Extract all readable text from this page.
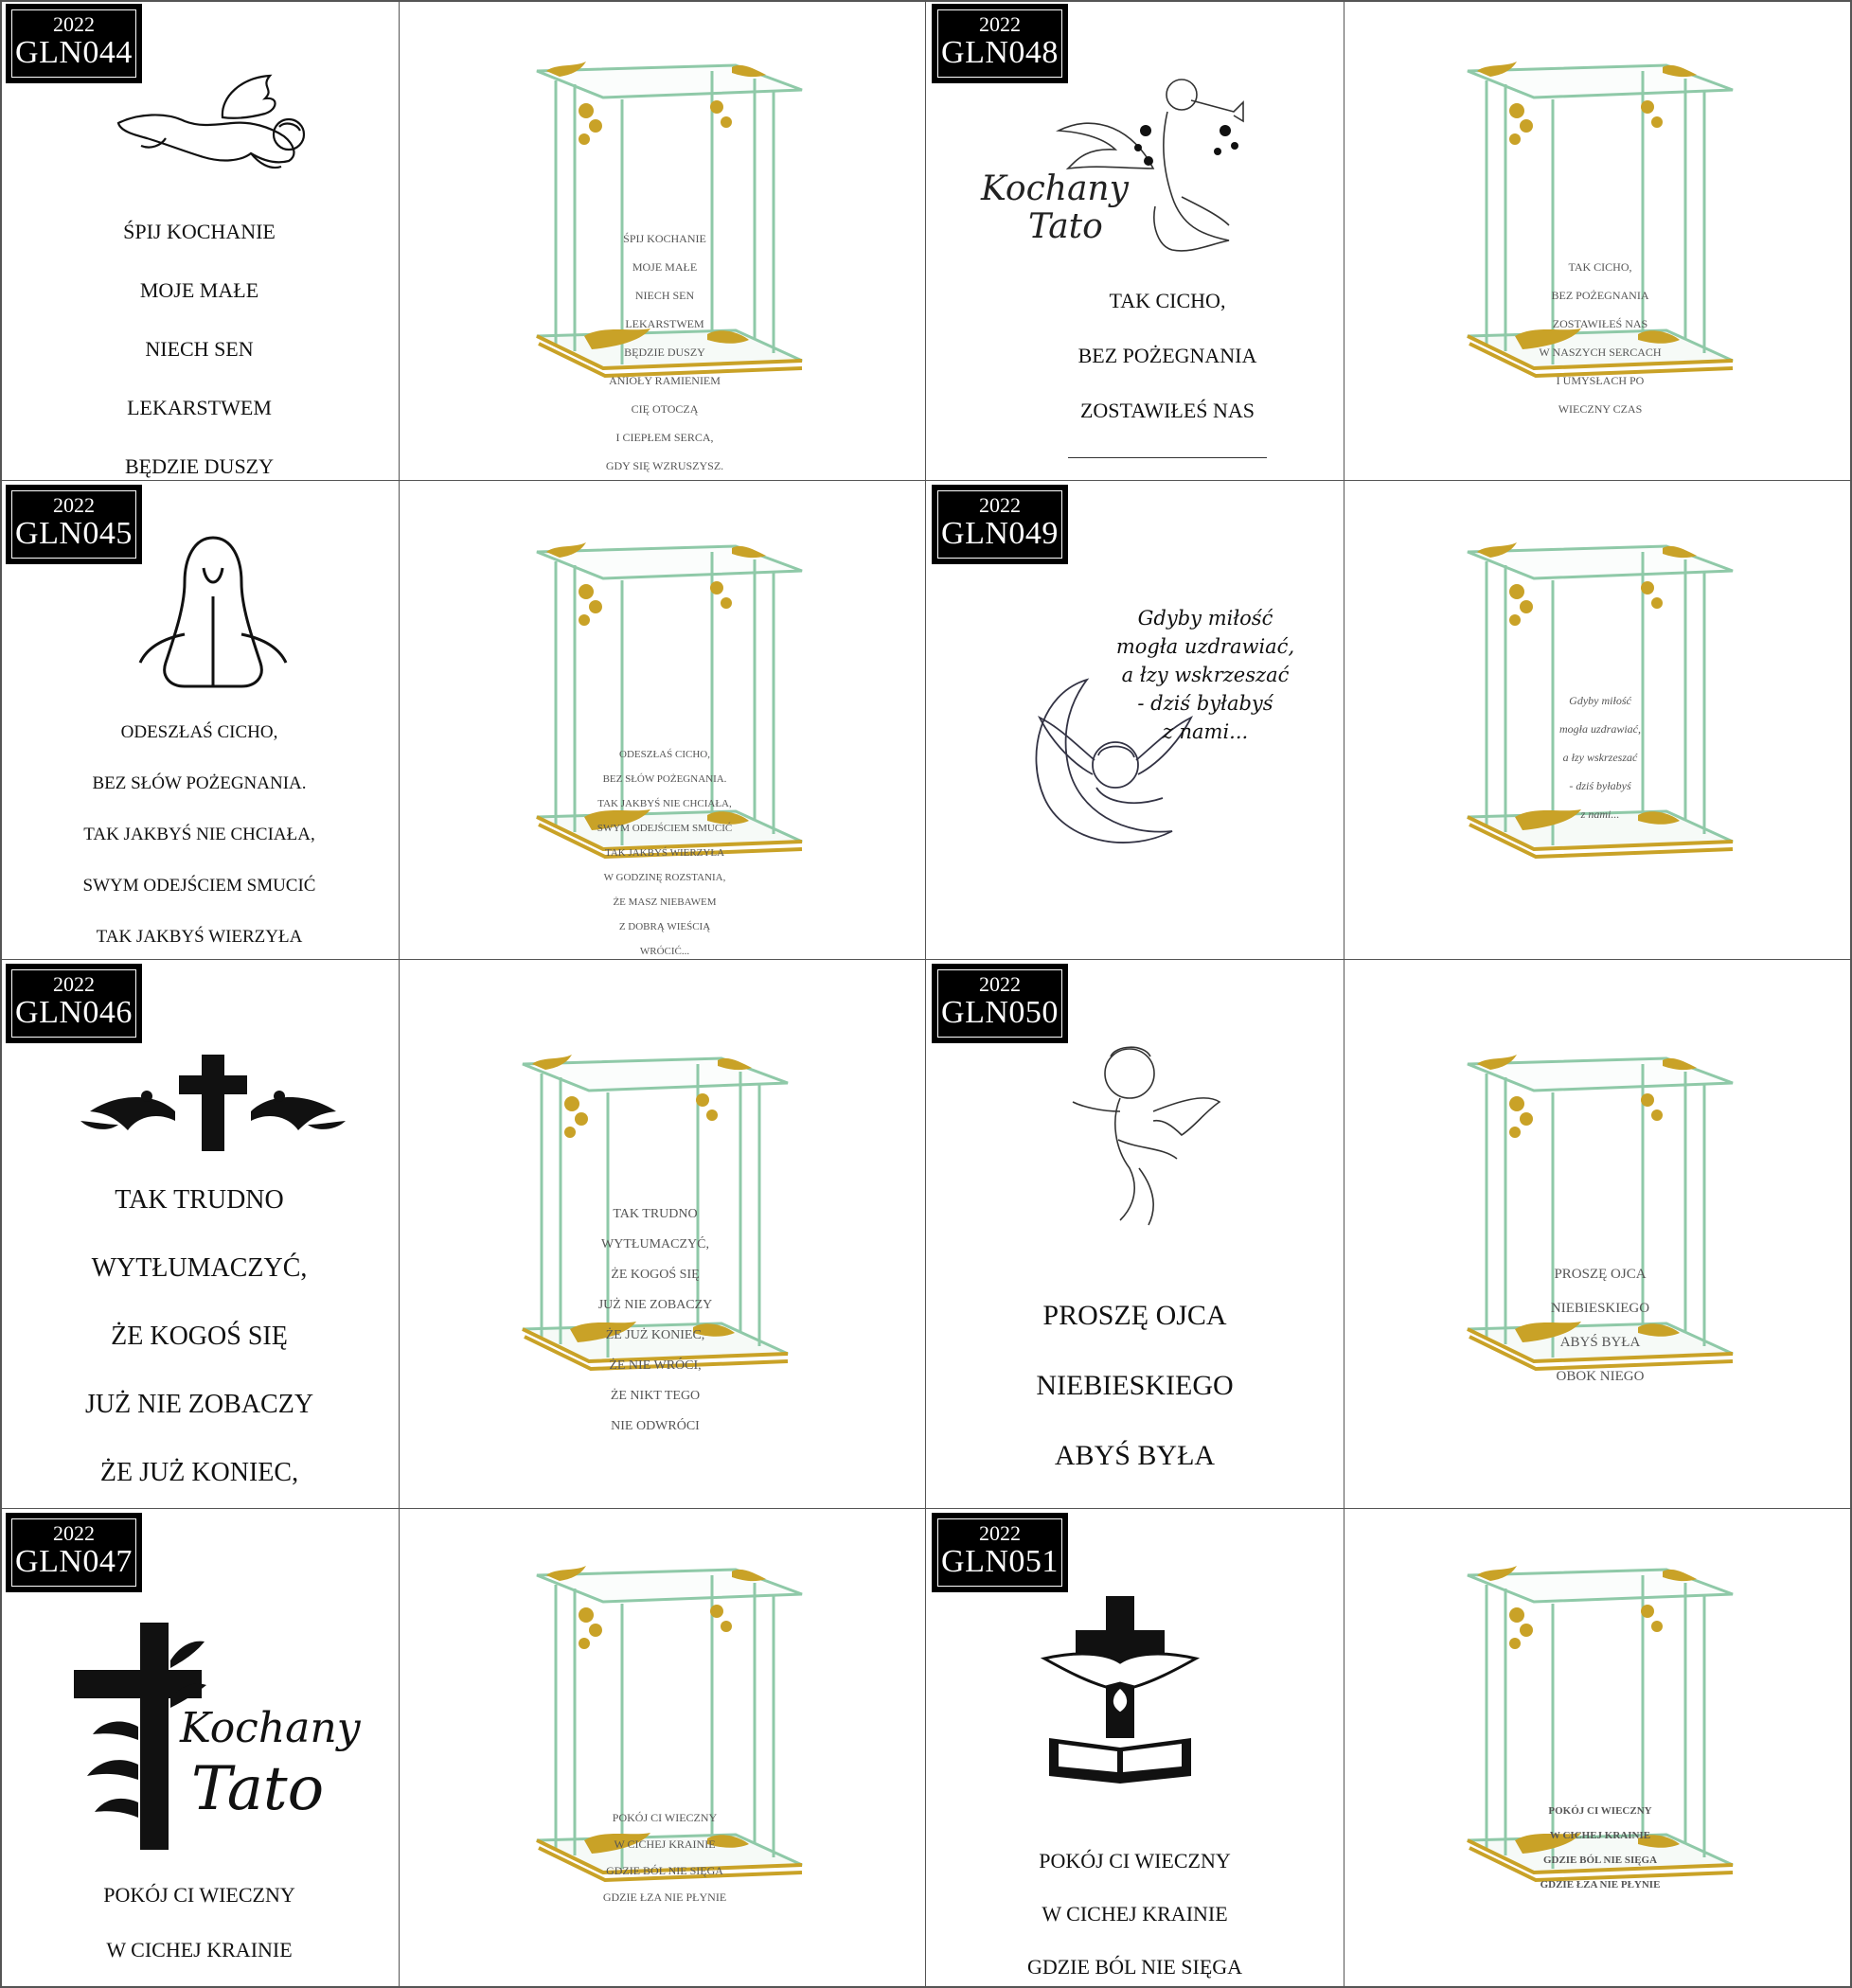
2022
GLN044

ŚPIJ KOCHANIE

MOJE MAŁE

NIECH SEN

LEKARSTWEM

BĘDZIE DUSZY

ŚPIJ KOCHANIE

MOJE MAŁE

NIECH SEN

LEKARSTWEM

BĘDZIE DUSZY

ANIOŁY RAMIENIEM

CIĘ OTOCZĄ

I CIEPŁEM SERCA,

GDY SIĘ WZRUSZYSZ.

2022
GLN048
Kochany
Tato

TAK CICHO,

BEZ POŻEGNANIA

ZOSTAWIŁEŚ NAS

TAK CICHO,

BEZ POŻEGNANIA

ZOSTAWIŁEŚ NAS

W NASZYCH SERCACH

I UMYSŁACH PO

WIECZNY CZAS

2022
GLN045

ODESZŁAŚ CICHO,

BEZ SŁÓW POŻEGNANIA.

TAK JAKBYŚ NIE CHCIAŁA,

SWYM ODEJŚCIEM SMUCIĆ

TAK JAKBYŚ WIERZYŁA

ODESZŁAŚ CICHO,

BEZ SŁÓW POŻEGNANIA.

TAK JAKBYŚ NIE CHCIAŁA,

SWYM ODEJŚCIEM SMUCIĆ

TAK JAKBYŚ WIERZYŁA

W GODZINĘ ROZSTANIA,

ŻE MASZ NIEBAWEM

Z DOBRĄ WIEŚCIĄ

WRÓCIĆ...

2022
GLN049
Gdyby miłość
mogła uzdrawiać,
a łzy wskrzeszać
- dziś byłabyś
z nami...

Gdyby miłość

mogła uzdrawiać,

a łzy wskrzeszać

- dziś byłabyś

z nami...

2022
GLN046

TAK TRUDNO

WYTŁUMACZYĆ,

ŻE KOGOŚ SIĘ

JUŻ NIE ZOBACZY

ŻE JUŻ KONIEC,

TAK TRUDNO

WYTŁUMACZYĆ,

ŻE KOGOŚ SIĘ

JUŻ NIE ZOBACZY

ŻE JUŻ KONIEC,

ŻE NIE WRÓCI,

ŻE NIKT TEGO

NIE ODWRÓCI

2022
GLN050

PROSZĘ OJCA

NIEBIESKIEGO

ABYŚ BYŁA

PROSZĘ OJCA

NIEBIESKIEGO

ABYŚ BYŁA

OBOK NIEGO

2022
GLN047
Kochany
Tato

POKÓJ CI WIECZNY

W CICHEJ KRAINIE

POKÓJ CI WIECZNY

W CICHEJ KRAINIE

GDZIE BÓL NIE SIĘGA

GDZIE ŁZA NIE PŁYNIE

2022
GLN051

POKÓJ CI WIECZNY

W CICHEJ KRAINIE

GDZIE BÓL NIE SIĘGA

POKÓJ CI WIECZNY

W CICHEJ KRAINIE

GDZIE BÓL NIE SIĘGA

GDZIE ŁZA NIE PŁYNIE
